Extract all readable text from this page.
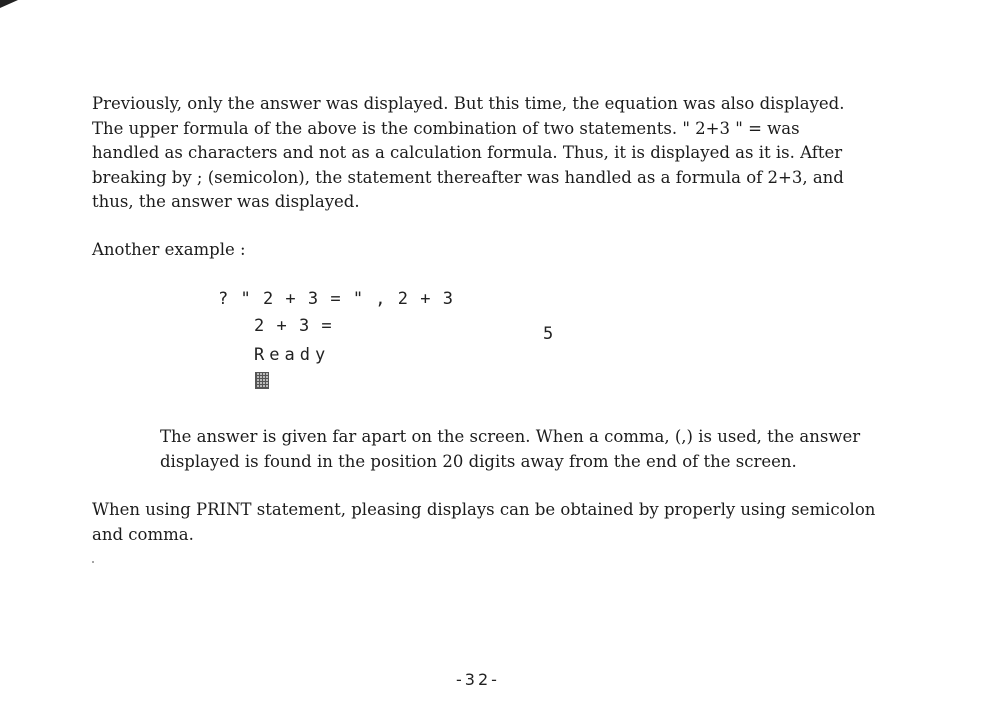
Previously, only the answer was displayed. But this time, the equation was also displayed.
The upper formula of the above is the combination of two statements. " 2+3 " = was
handled as characters and not as a calculation formula. Thus, it is displayed as it is. After
breaking by ; (semicolon), the statement thereafter was handled as a formula of 2+3, and
thus, the answer was displayed.
Another example :
? " 2 + 3 = " , 2 + 3
2 + 3 =	5
Ready
The answer is given far apart on the screen. When a comma, (,) is used, the answer
displayed is found in the position 20 digits away from the end of the screen.
When using PRINT statement, pleasing displays can be obtained by properly using semicolon
and comma.
-32-
